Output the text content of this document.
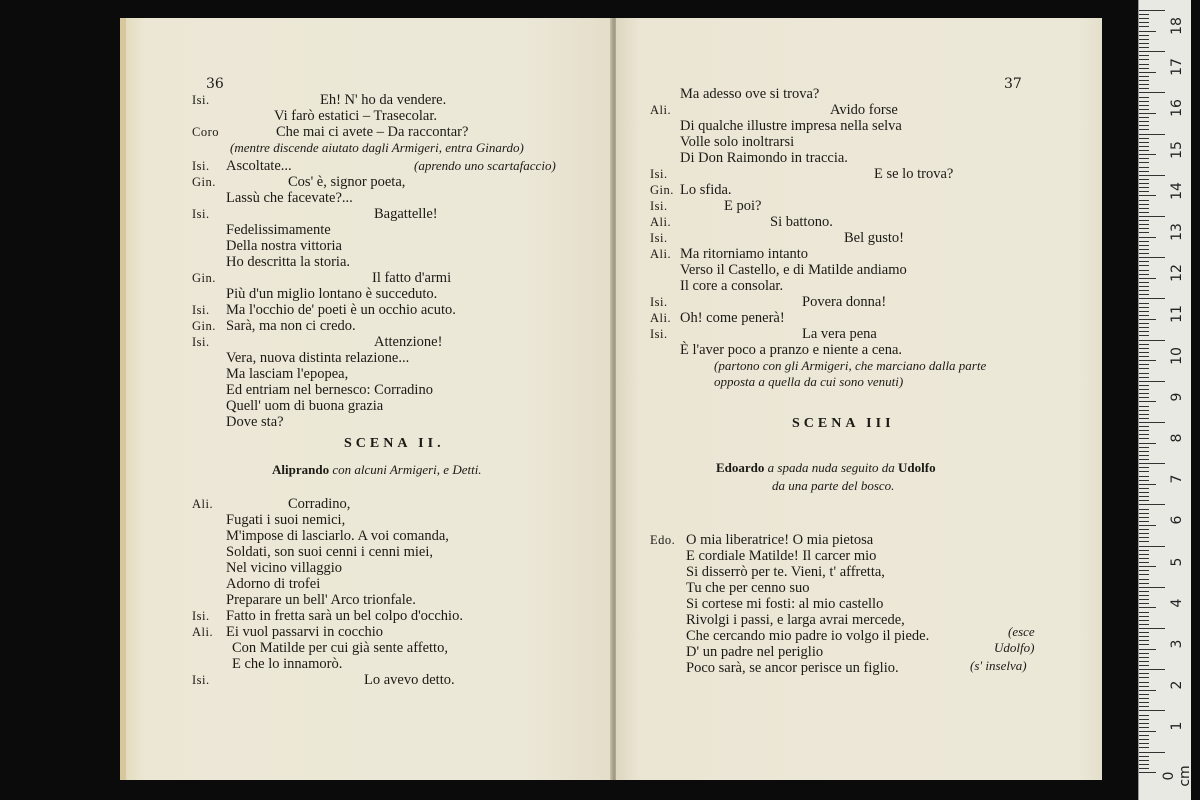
36
Isi.	Eh! N' ho da vendere.
Vi farò estatici – Trasecolar.
Coro	Che mai ci avete – Da raccontar?
(mentre discende aiutato dagli Armigeri, entra Ginardo)
Isi. Ascoltate...	(aprendo uno scartafaccio)
Gin.	Cos' è, signor poeta,
Lassù che facevate?...
Isi.	Bagattelle!
Fedelissimamente
Della nostra vittoria
Ho descritta la storia.
Gin.	Il fatto d'armi
Più d'un miglio lontano è succeduto.
Isi. Ma l'occhio de' poeti è un occhio acuto.
Gin. Sarà, ma non ci credo.
Isi.	Attenzione!
Vera, nuova distinta relazione...
Ma lasciam l'epopea,
Ed entriam nel bernesco: Corradino
Quell' uom di buona grazia
Dove sta?
Ali.	Corradino,
Fugati i suoi nemici,
M'impose di lasciarlo. A voi comanda,
Soldati, son suoi cenni i cenni miei,
Nel vicino villaggio
Adorno di trofei
Preparare un bell' Arco trionfale.
Isi. Fatto in fretta sarà un bel colpo d'occhio.
Ali. Ei vuol passarvi in cocchio
Con Matilde per cui già sente affetto,
E che lo innamorò.
Isi.	Lo avevo detto.
SCENA II.
Aliprando con alcuni Armigeri, e Detti.
37
Ma adesso ove si trova?
Ali.	Avido forse
Di qualche illustre impresa nella selva
Volle solo inoltrarsi
Di Don Raimondo in traccia.
Isi.	E se lo trova?
Gin. Lo sfida.
Isi.	E poi?
Ali.	Si battono.
Isi.	Bel gusto!
Ali. Ma ritorniamo intanto
Verso il Castello, e di Matilde andiamo
Il core a consolar.
Isi.	Povera donna!
Ali. Oh! come penerà!
Isi.	La vera pena
È l'aver poco a pranzo e niente a cena.
(partono con gli Armigeri, che marciano dalla parte
opposta a quella da cui sono venuti)
Edo. O mia liberatrice! O mia pietosa
E cordiale Matilde! Il carcer mio
Si disserrò per te. Vieni, t' affretta,
Tu che per cenno suo
Si cortese mi fosti: al mio castello
Rivolgi i passi, e larga avrai mercede,
Che cercando mio padre io volgo il piede.
D' un padre nel periglio
Poco sarà, se ancor perisce un figlio.
(esce
Udolfo)
(s' inselva)
SCENA III
Edoardo a spada nuda seguito da Udolfo
da una parte del bosco.
18
17
16
15
14
13
12
11
10
9
8
7
6
5
4
3
2
1
0 cm
